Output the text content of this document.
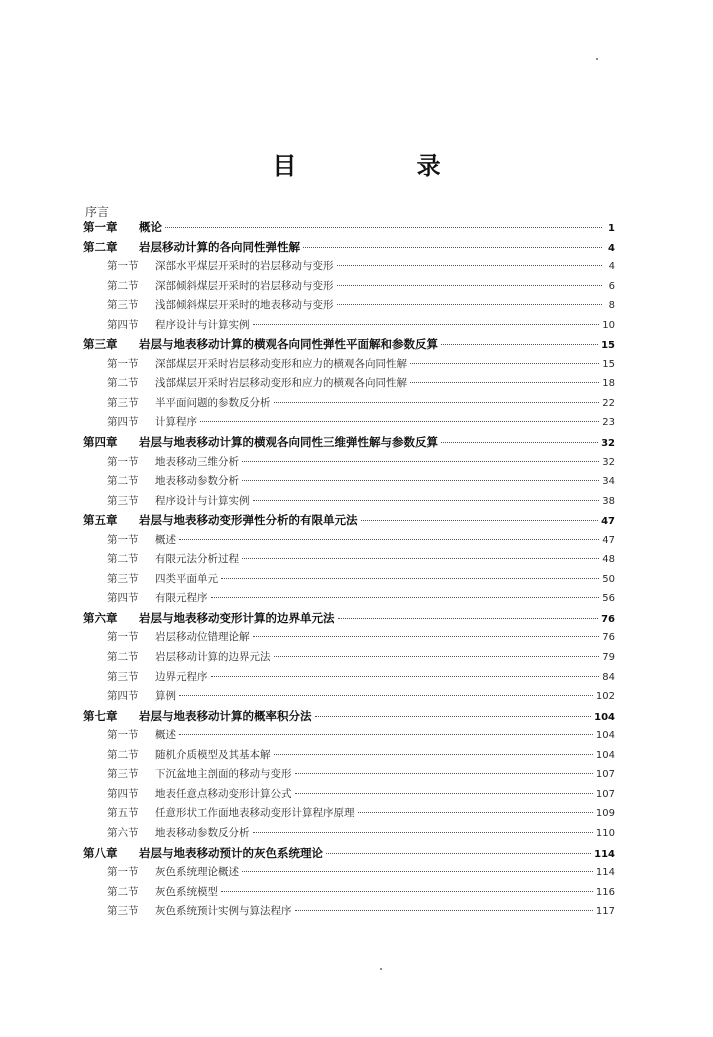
目 录
序言
第一章	概论	1
第二章	岩层移动计算的各向同性弹性解	4
第一节	深部水平煤层开采时的岩层移动与变形	4
第二节	深部倾斜煤层开采时的岩层移动与变形	6
第三节	浅部倾斜煤层开采时的地表移动与变形	8
第四节	程序设计与计算实例	10
第三章	岩层与地表移动计算的横观各向同性弹性平面解和参数反算	15
第一节	深部煤层开采时岩层移动变形和应力的横观各向同性解	15
第二节	浅部煤层开采时岩层移动变形和应力的横观各向同性解	18
第三节	半平面问题的参数反分析	22
第四节	计算程序	23
第四章	岩层与地表移动计算的横观各向同性三维弹性解与参数反算	32
第一节	地表移动三维分析	32
第二节	地表移动参数分析	34
第三节	程序设计与计算实例	38
第五章	岩层与地表移动变形弹性分析的有限单元法	47
第一节	概述	47
第二节	有限元法分析过程	48
第三节	四类平面单元	50
第四节	有限元程序	56
第六章	岩层与地表移动变形计算的边界单元法	76
第一节	岩层移动位错理论解	76
第二节	岩层移动计算的边界元法	79
第三节	边界元程序	84
第四节	算例	102
第七章	岩层与地表移动计算的概率积分法	104
第一节	概述	104
第二节	随机介质模型及其基本解	104
第三节	下沉盆地主剖面的移动与变形	107
第四节	地表任意点移动变形计算公式	107
第五节	任意形状工作面地表移动变形计算程序原理	109
第六节	地表移动参数反分析	110
第八章	岩层与地表移动预计的灰色系统理论	114
第一节	灰色系统理论概述	114
第二节	灰色系统模型	116
第三节	灰色系统预计实例与算法程序	117
